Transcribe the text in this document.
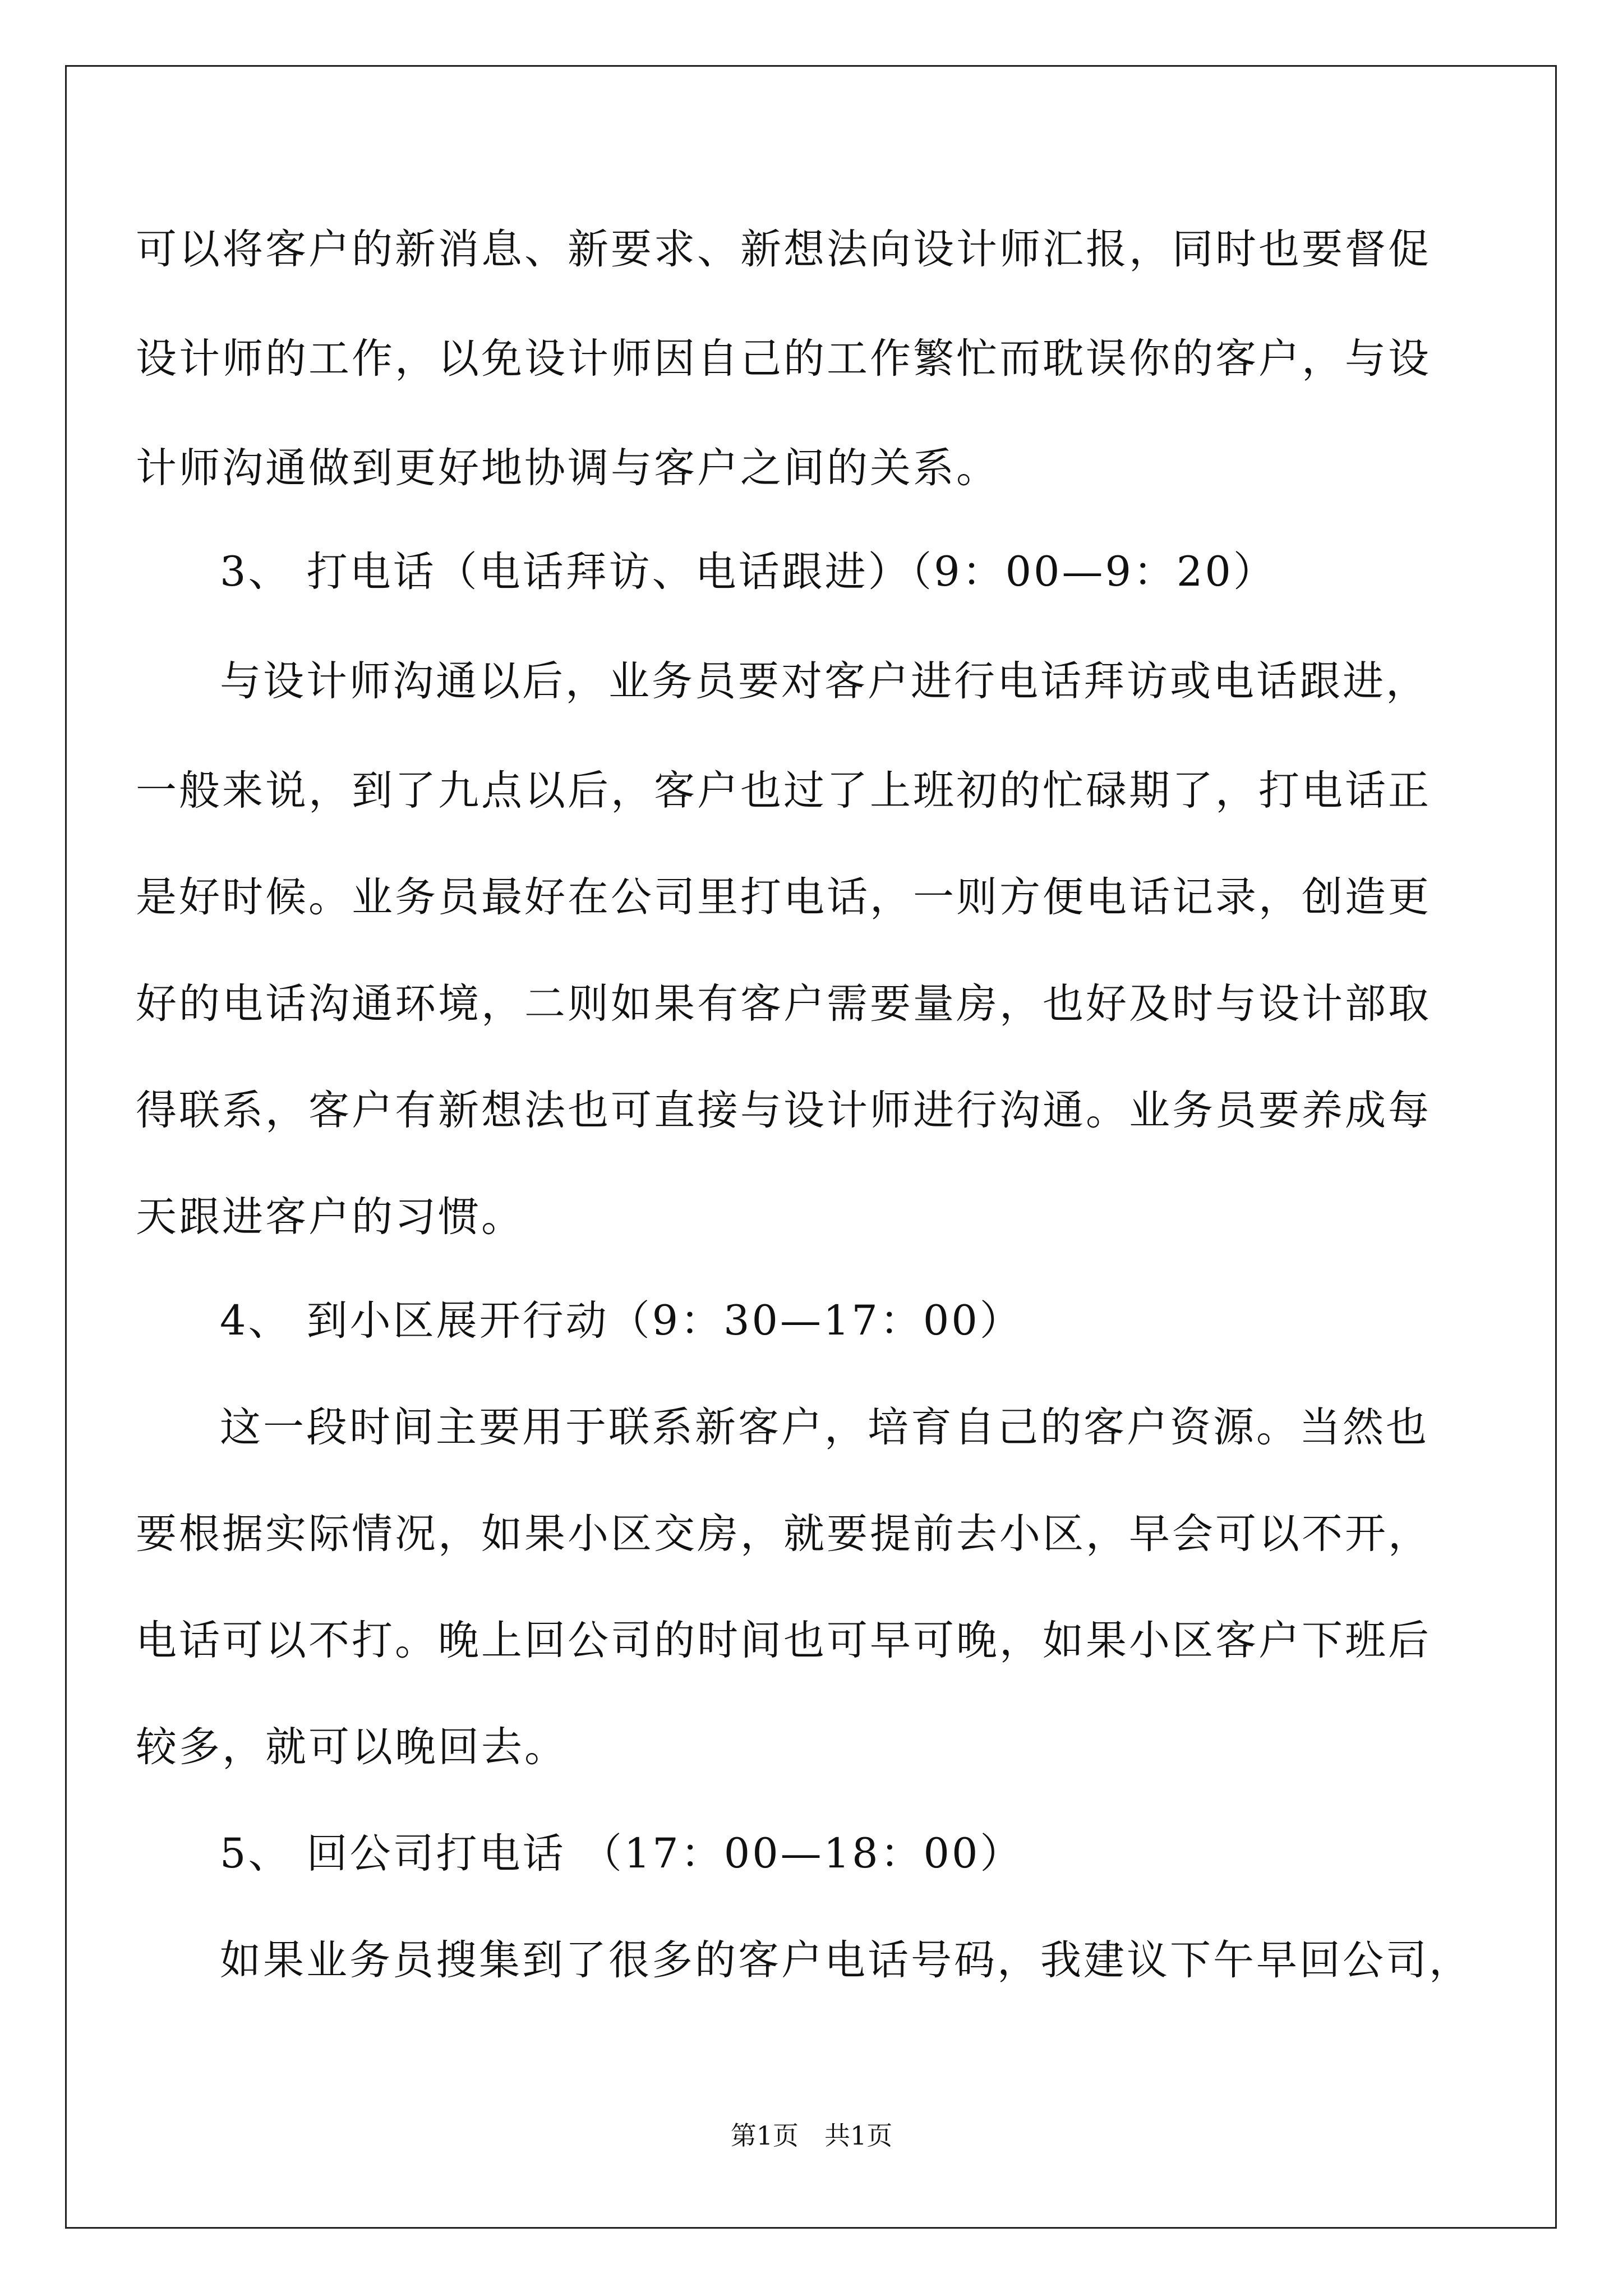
可以将客户的新消息、新要求、新想法向设计师汇报，同时也要督促
设计师的工作，以免设计师因自己的工作繁忙而耽误你的客户，与设
计师沟通做到更好地协调与客户之间的关系。
3、 打电话（电话拜访、电话跟进）（9：00—9：20）
与设计师沟通以后，业务员要对客户进行电话拜访或电话跟进，
一般来说，到了九点以后，客户也过了上班初的忙碌期了，打电话正
是好时候。业务员最好在公司里打电话，一则方便电话记录，创造更
好的电话沟通环境，二则如果有客户需要量房，也好及时与设计部取
得联系，客户有新想法也可直接与设计师进行沟通。业务员要养成每
天跟进客户的习惯。
4、 到小区展开行动（9：30—17：00）
这一段时间主要用于联系新客户，培育自己的客户资源。当然也
要根据实际情况，如果小区交房，就要提前去小区，早会可以不开，
电话可以不打。晚上回公司的时间也可早可晚，如果小区客户下班后
较多，就可以晚回去。
5、 回公司打电话 （17：00—18：00）
如果业务员搜集到了很多的客户电话号码，我建议下午早回公司，
第1页 共1页
